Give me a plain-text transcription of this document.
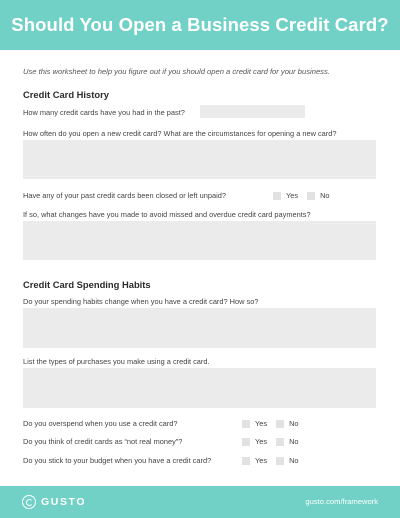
Should You Open a Business Credit Card?
Use this worksheet to help you figure out if you should open a credit card for your business.
Credit Card History
How many credit cards have you had in the past?
How often do you open a new credit card? What are the circumstances for opening a new card?
Have any of your past credit cards been closed or left unpaid?	Yes	No
If so, what changes have you made to avoid missed and overdue credit card payments?
Credit Card Spending Habits
Do your spending habits change when you have a credit card? How so?
List the types of purchases you make using a credit card.
Do you overspend when you use a credit card?	Yes	No
Do you think of credit cards as “not real money”?	Yes	No
Do you stick to your budget when you have a credit card?	Yes	No
GUSTO	gusto.com/framework
